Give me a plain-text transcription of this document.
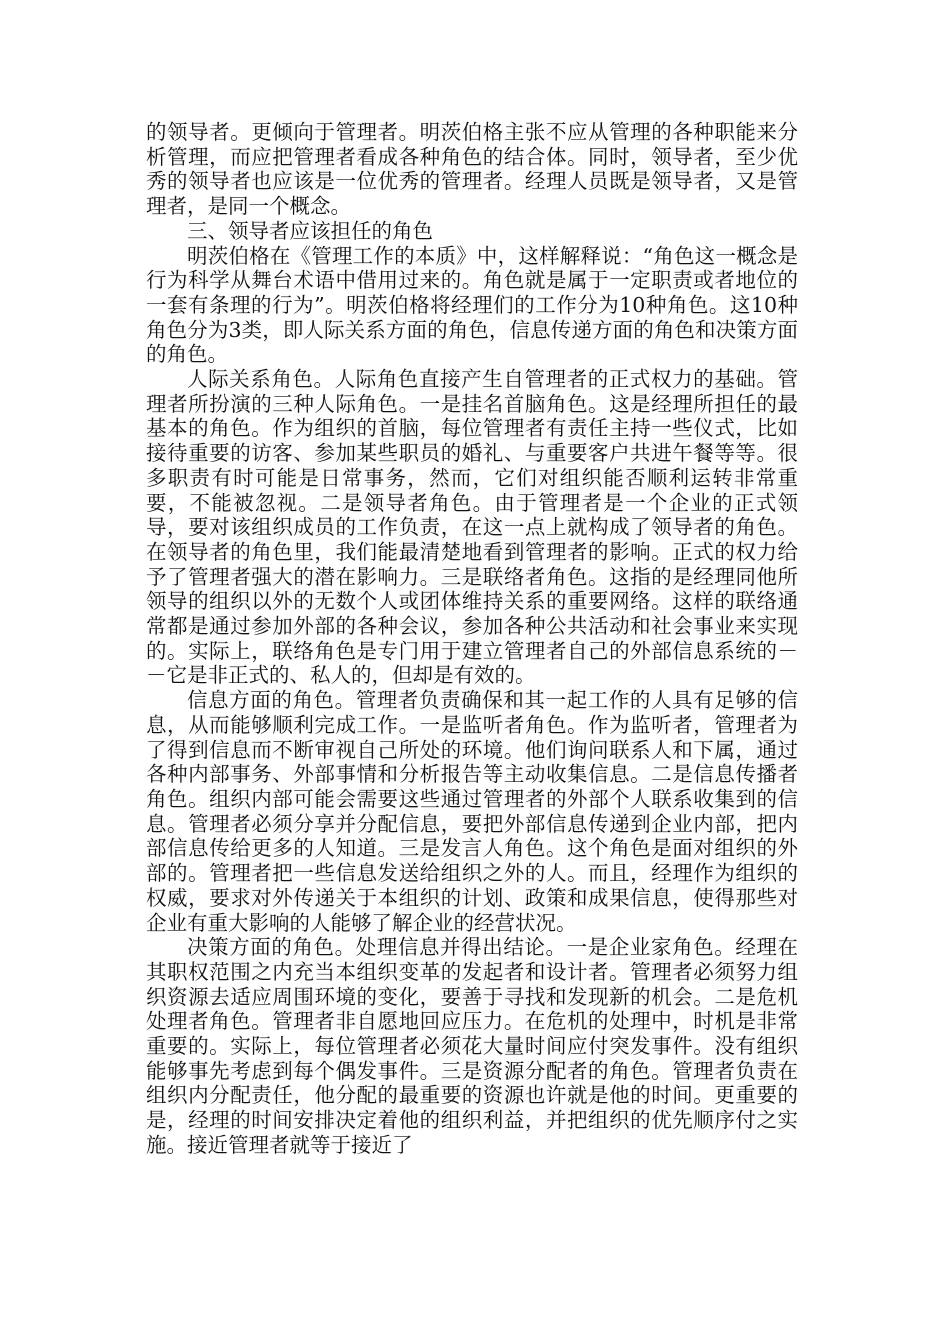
的领导者。更倾向于管理者。明茨伯格主张不应从管理的各种职能来分析管理，而应把管理者看成各种角色的结合体。同时，领导者，至少优秀的领导者也应该是一位优秀的管理者。经理人员既是领导者，又是管理者，是同一个概念。

三、领导者应该担任的角色

明茨伯格在《管理工作的本质》中，这样解释说：“角色这一概念是行为科学从舞台术语中借用过来的。角色就是属于一定职责或者地位的一套有条理的行为”。明茨伯格将经理们的工作分为10种角色。这10种角色分为3类，即人际关系方面的角色，信息传递方面的角色和决策方面的角色。

人际关系角色。人际角色直接产生自管理者的正式权力的基础。管理者所扮演的三种人际角色。一是挂名首脑角色。这是经理所担任的最基本的角色。作为组织的首脑，每位管理者有责任主持一些仪式，比如接待重要的访客、参加某些职员的婚礼、与重要客户共进午餐等等。很多职责有时可能是日常事务，然而，它们对组织能否顺利运转非常重要，不能被忽视。二是领导者角色。由于管理者是一个企业的正式领导，要对该组织成员的工作负责，在这一点上就构成了领导者的角色。在领导者的角色里，我们能最清楚地看到管理者的影响。正式的权力给予了管理者强大的潜在影响力。三是联络者角色。这指的是经理同他所领导的组织以外的无数个人或团体维持关系的重要网络。这样的联络通常都是通过参加外部的各种会议，参加各种公共活动和社会事业来实现的。实际上，联络角色是专门用于建立管理者自己的外部信息系统的－－它是非正式的、私人的，但却是有效的。

信息方面的角色。管理者负责确保和其一起工作的人具有足够的信息，从而能够顺利完成工作。一是监听者角色。作为监听者，管理者为了得到信息而不断审视自己所处的环境。他们询问联系人和下属，通过各种内部事务、外部事情和分析报告等主动收集信息。二是信息传播者角色。组织内部可能会需要这些通过管理者的外部个人联系收集到的信息。管理者必须分享并分配信息，要把外部信息传递到企业内部，把内部信息传给更多的人知道。三是发言人角色。这个角色是面对组织的外部的。管理者把一些信息发送给组织之外的人。而且，经理作为组织的权威，要求对外传递关于本组织的计划、政策和成果信息，使得那些对企业有重大影响的人能够了解企业的经营状况。

决策方面的角色。处理信息并得出结论。一是企业家角色。经理在其职权范围之内充当本组织变革的发起者和设计者。管理者必须努力组织资源去适应周围环境的变化，要善于寻找和发现新的机会。二是危机处理者角色。管理者非自愿地回应压力。在危机的处理中，时机是非常重要的。实际上，每位管理者必须花大量时间应付突发事件。没有组织能够事先考虑到每个偶发事件。三是资源分配者的角色。管理者负责在组织内分配责任，他分配的最重要的资源也许就是他的时间。更重要的是，经理的时间安排决定着他的组织利益，并把组织的优先顺序付之实施。接近管理者就等于接近了
